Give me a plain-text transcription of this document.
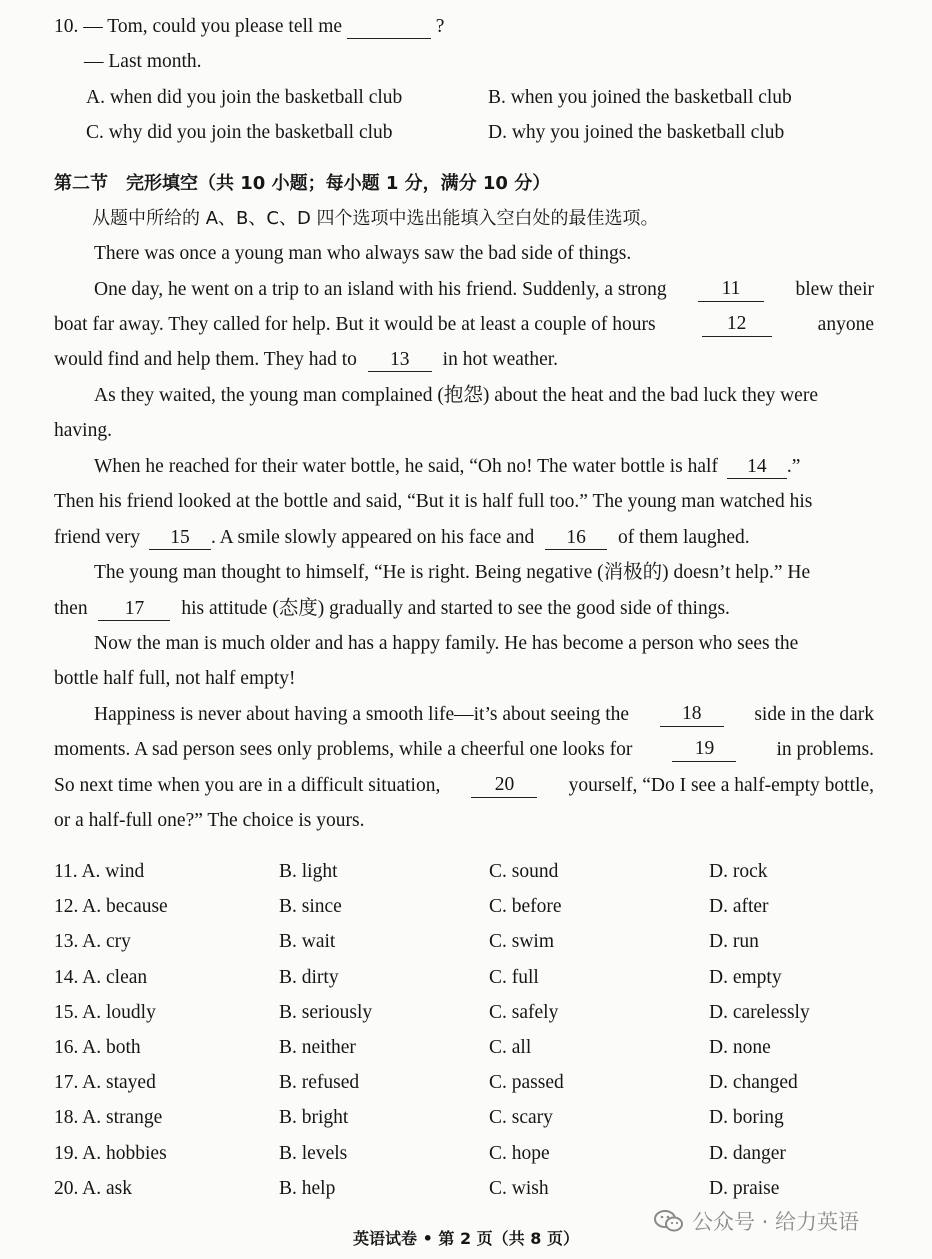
10. — Tom, could you please tell me	?
— Last month.
A. when did you join the basketball club	B. when you joined the basketball club
C. why did you join the basketball club	D. why you joined the basketball club
第二节　完形填空（共 10 小题；每小题 1 分，满分 10 分）
从题中所给的 A、B、C、D 四个选项中选出能填入空白处的最佳选项。
There was once a young man who always saw the bad side of things.
One day, he went on a trip to an island with his friend. Suddenly, a strong	11	blew their
boat far away. They called for help. But it would be at least a couple of hours	12	anyone
would find and help them. They had to 13 in hot weather.
As they waited, the young man complained (抱怨) about the heat and the bad luck they were
having.
When he reached for their water bottle, he said, “Oh no! The water bottle is half 14 .”
Then his friend looked at the bottle and said, “But it is half full too.” The young man watched his
friend very 15 . A smile slowly appeared on his face and 16 of them laughed.
The young man thought to himself, “He is right. Being negative (消极的) doesn’t help.” He
then 17 his attitude (态度) gradually and started to see the good side of things.
Now the man is much older and has a happy family. He has become a person who sees the
bottle half full, not half empty!
Happiness is never about having a smooth life—it’s about seeing the	18	side in the dark
moments. A sad person sees only problems, while a cheerful one looks for	19	in problems.
So next time when you are in a difficult situation,	20	yourself, “Do I see a half-empty bottle,
or a half-full one?” The choice is yours.
11. A. wind	B. light	C. sound	D. rock
12. A. because	B. since	C. before	D. after
13. A. cry	B. wait	C. swim	D. run
14. A. clean	B. dirty	C. full	D. empty
15. A. loudly	B. seriously	C. safely	D. carelessly
16. A. both	B. neither	C. all	D. none
17. A. stayed	B. refused	C. passed	D. changed
18. A. strange	B. bright	C. scary	D. boring
19. A. hobbies	B. levels	C. hope	D. danger
20. A. ask	B. help	C. wish	D. praise
英语试卷 • 第 2 页（共 8 页）
公众号 · 给力英语
